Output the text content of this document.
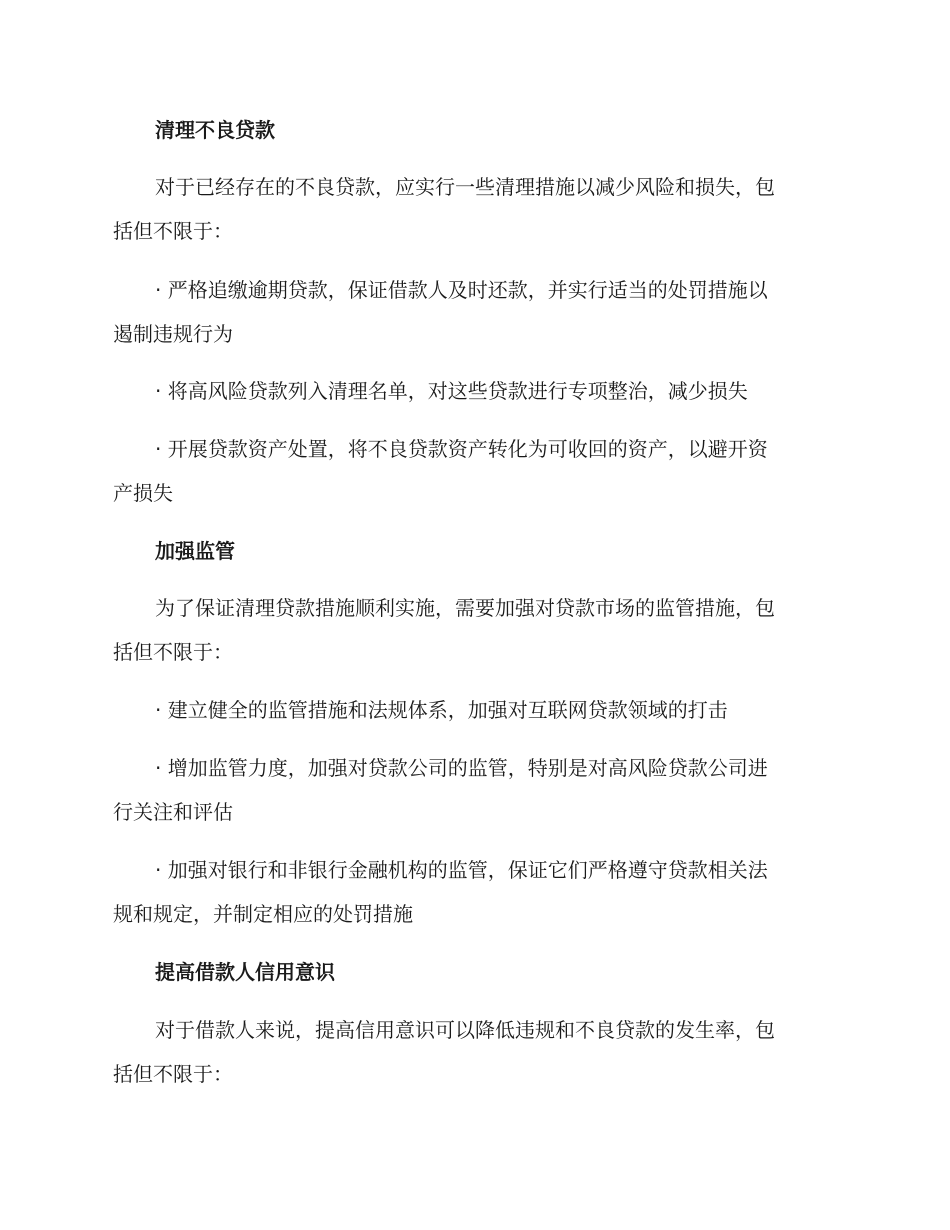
清理不良贷款
对于已经存在的不良贷款，应实行一些清理措施以减少风险和损失，包
括但不限于：
· 严格追缴逾期贷款，保证借款人及时还款，并实行适当的处罚措施以
遏制违规行为
· 将高风险贷款列入清理名单，对这些贷款进行专项整治，减少损失
· 开展贷款资产处置，将不良贷款资产转化为可收回的资产，以避开资
产损失
加强监管
为了保证清理贷款措施顺利实施，需要加强对贷款市场的监管措施，包
括但不限于：
· 建立健全的监管措施和法规体系，加强对互联网贷款领域的打击
· 增加监管力度，加强对贷款公司的监管，特别是对高风险贷款公司进
行关注和评估
· 加强对银行和非银行金融机构的监管，保证它们严格遵守贷款相关法
规和规定，并制定相应的处罚措施
提高借款人信用意识
对于借款人来说，提高信用意识可以降低违规和不良贷款的发生率，包
括但不限于：
